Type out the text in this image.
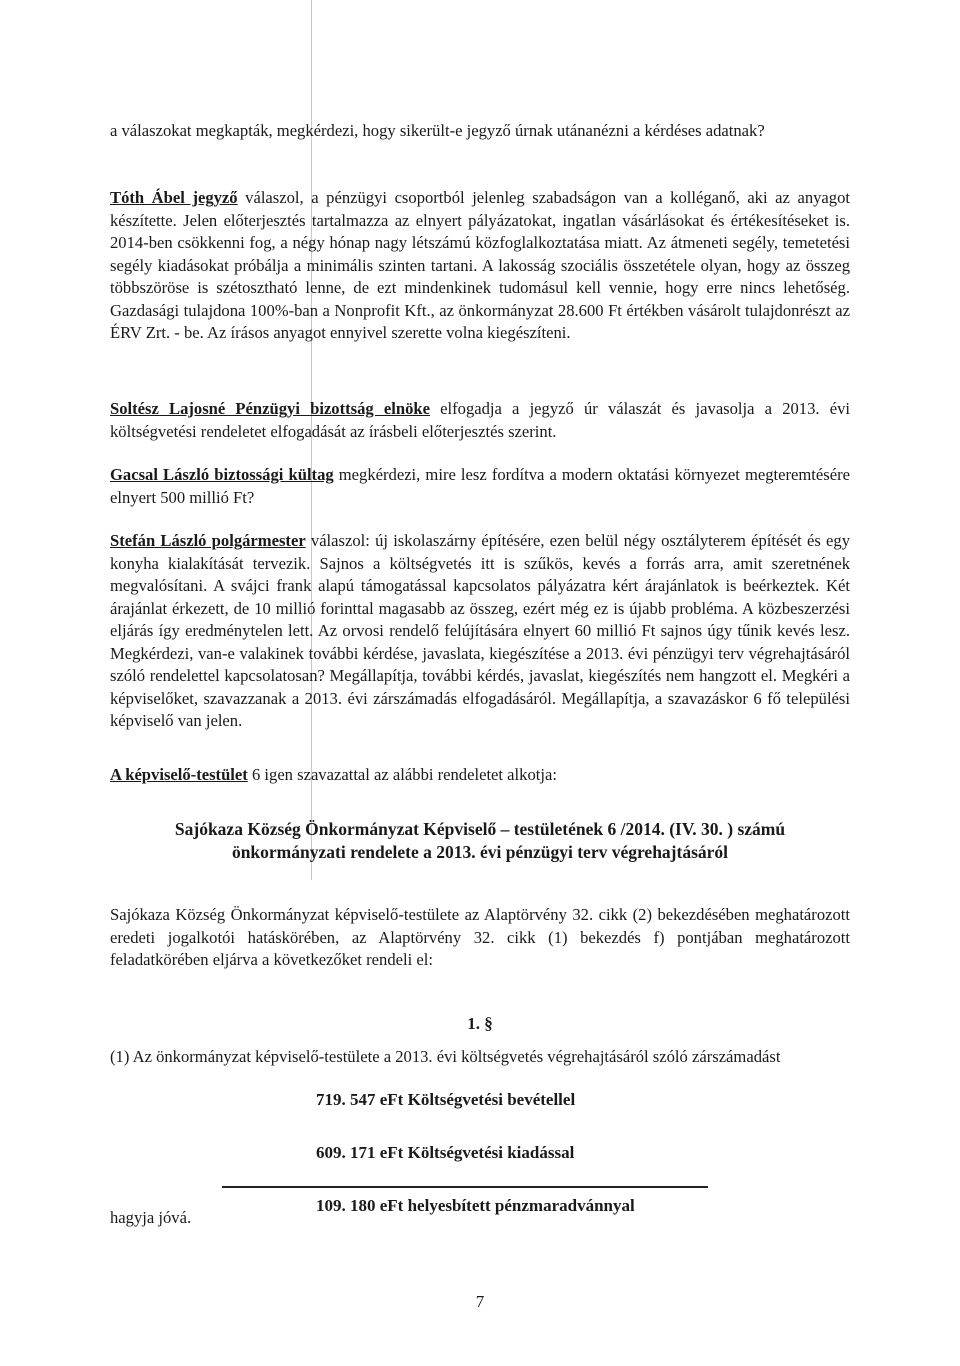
a válaszokat megkapták, megkérdezi, hogy sikerült-e jegyző úrnak utánanézni a kérdéses adatnak?

Tóth Ábel jegyző válaszol, a pénzügyi csoportból jelenleg szabadságon van a kolléganő, aki az anyagot készítette. Jelen előterjesztés tartalmazza az elnyert pályázatokat, ingatlan vásárlásokat és értékesítéseket is. 2014-ben csökkenni fog, a négy hónap nagy létszámú közfoglalkoztatása miatt. Az átmeneti segély, temetetési segély kiadásokat próbálja a minimális szinten tartani. A lakosság szociális összetétele olyan, hogy az összeg többszöröse is szétosztható lenne, de ezt mindenkinek tudomásul kell vennie, hogy erre nincs lehetőség. Gazdasági tulajdona 100%-ban a Nonprofit Kft., az önkormányzat 28.600 Ft értékben vásárolt tulajdonrészt az ÉRV Zrt. - be. Az írásos anyagot ennyivel szerette volna kiegészíteni.

Soltész Lajosné Pénzügyi bizottság elnöke elfogadja a jegyző úr válaszát és javasolja a 2013. évi költségvetési rendeletet elfogadását az írásbeli előterjesztés szerint.

Gacsal László biztossági kültag megkérdezi, mire lesz fordítva a modern oktatási környezet megteremtésére elnyert 500 millió Ft?

Stefán László polgármester válaszol: új iskolaszárny építésére, ezen belül négy osztályterem építését és egy konyha kialakítását tervezik. Sajnos a költségvetés itt is szűkös, kevés a forrás arra, amit szeretnének megvalósítani. A svájci frank alapú támogatással kapcsolatos pályázatra kért árajánlatok is beérkeztek. Két árajánlat érkezett, de 10 millió forinttal magasabb az összeg, ezért még ez is újabb probléma. A közbeszerzési eljárás így eredménytelen lett. Az orvosi rendelő felújítására elnyert 60 millió Ft sajnos úgy tűnik kevés lesz. Megkérdezi, van-e valakinek további kérdése, javaslata, kiegészítése a 2013. évi pénzügyi terv végrehajtásáról szóló rendelettel kapcsolatosan? Megállapítja, további kérdés, javaslat, kiegészítés nem hangzott el. Megkéri a képviselőket, szavazzanak a 2013. évi zárszámadás elfogadásáról. Megállapítja, a szavazáskor 6 fő települési képviselő van jelen.

A képviselő-testület 6 igen szavazattal az alábbi rendeletet alkotja:

Sajókaza Község Önkormányzat Képviselő – testületének 6 /2014. (IV. 30. ) számú

önkormányzati rendelete a 2013. évi pénzügyi terv végrehajtásáról

Sajókaza Község Önkormányzat képviselő-testülete az Alaptörvény 32. cikk (2) bekezdésében meghatározott eredeti jogalkotói hatáskörében, az Alaptörvény 32. cikk (1) bekezdés f) pontjában meghatározott feladatkörében eljárva a következőket rendeli el:

1. §

(1) Az önkormányzat képviselő-testülete a 2013. évi költségvetés végrehajtásáról szóló zárszámadást

719. 547 eFt Költségvetési bevétellel

609. 171 eFt Költségvetési kiadással

109. 180 eFt helyesbített pénzmaradvánnyal

hagyja jóvá.

7
